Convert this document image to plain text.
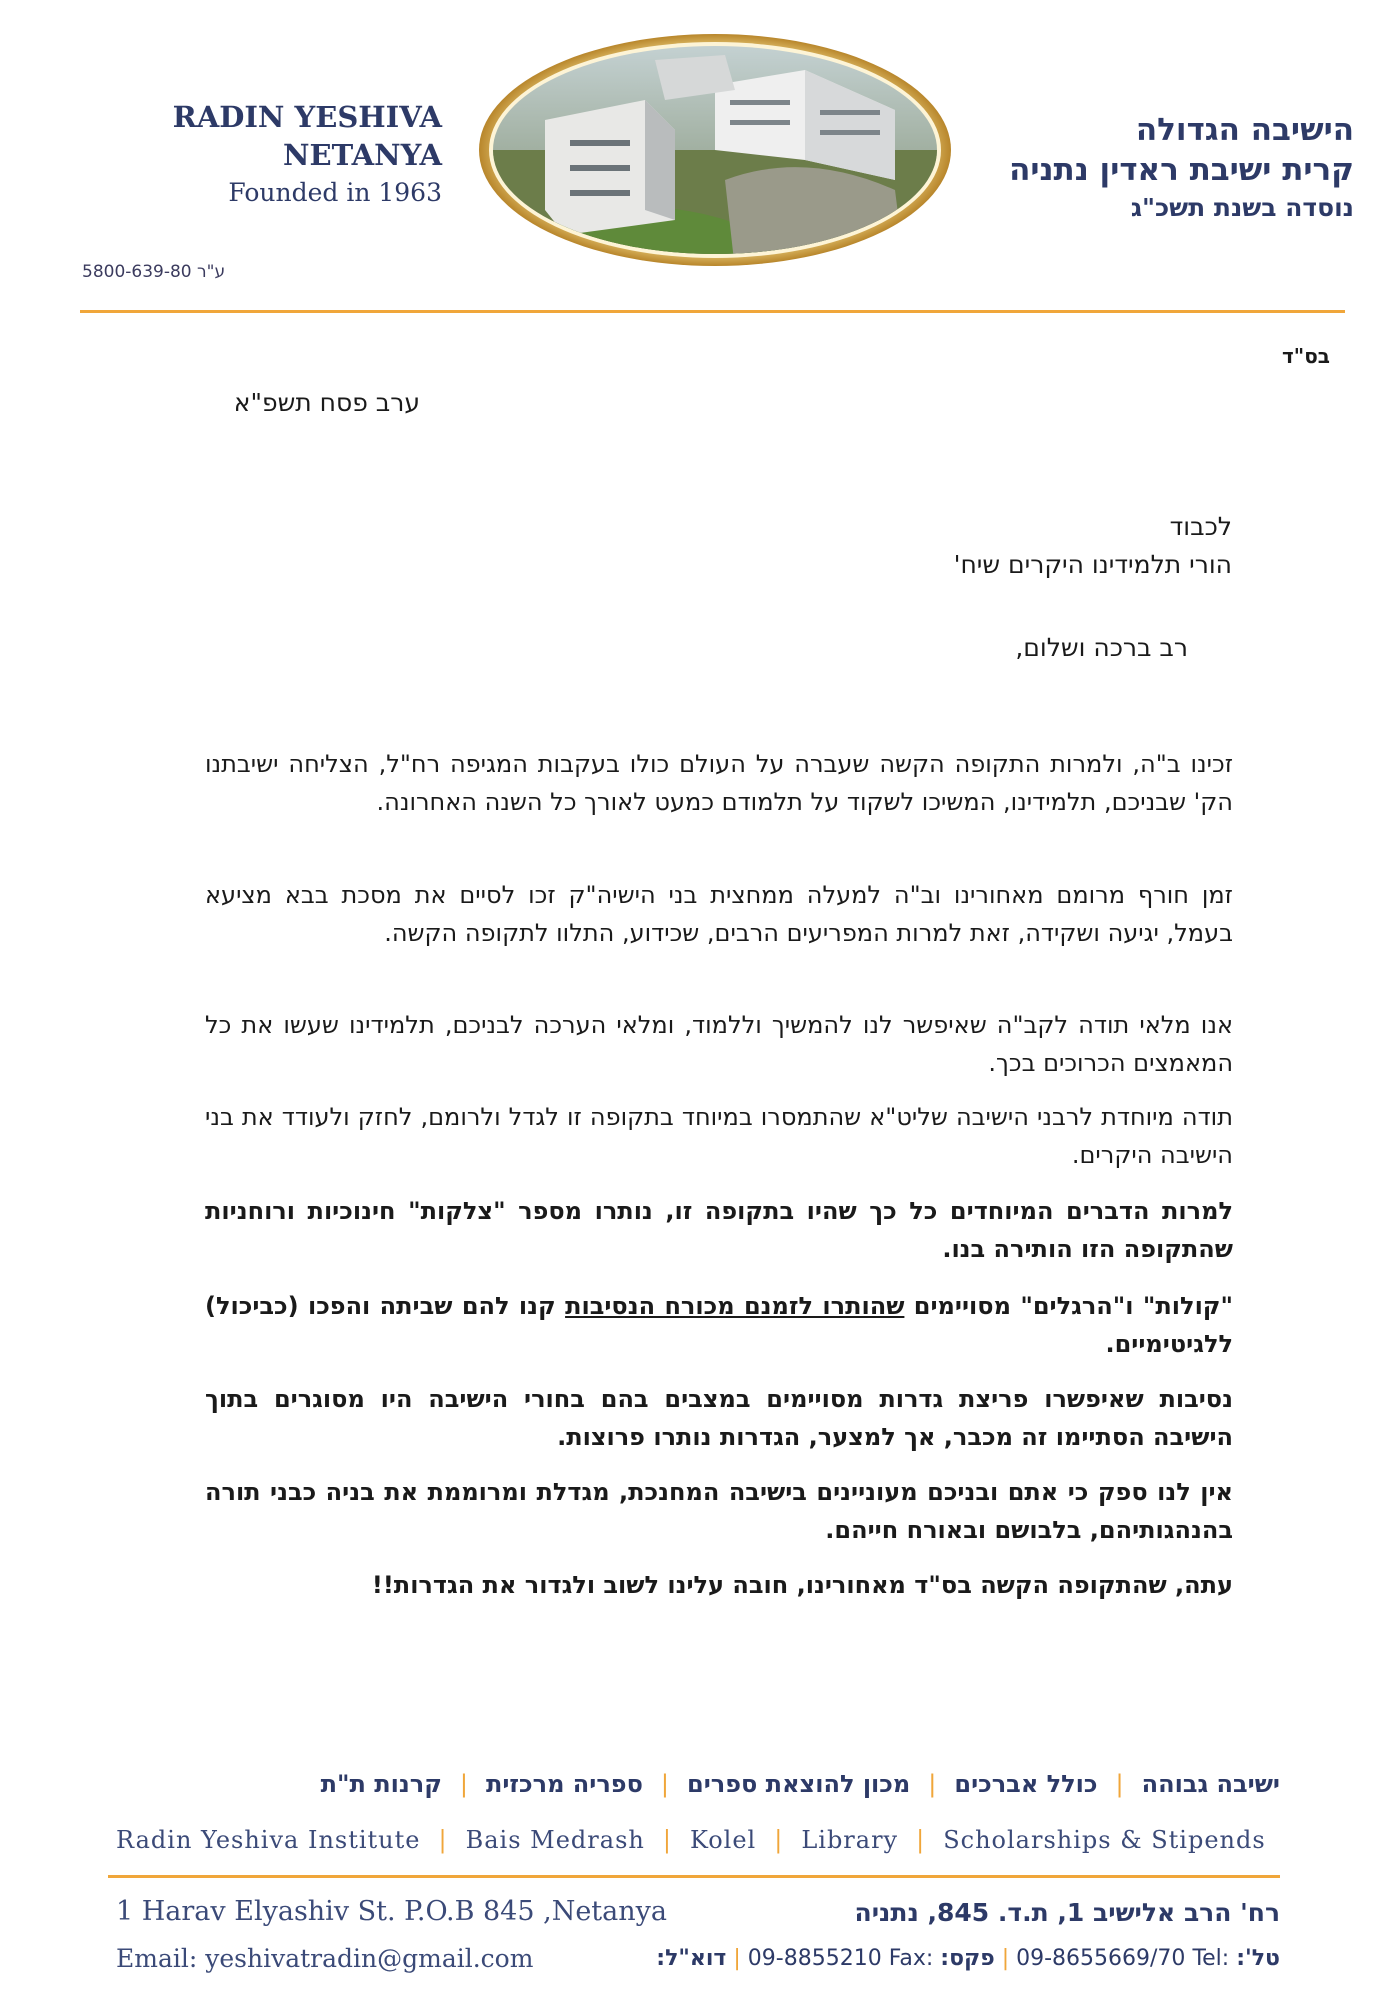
RADIN YESHIVA
NETANYA
Founded in 1963
הישיבה הגדולה
קרית ישיבת ראדין נתניה
נוסדה בשנת תשכ"ג
ע"ר 5800-639-80
בס"ד
ערב פסח תשפ"א
לכבוד
הורי תלמידינו היקרים שיח'
רב ברכה ושלום,
זכינו ב"ה, ולמרות התקופה הקשה שעברה על העולם כולו בעקבות המגיפה רח"ל, הצליחה ישיבתנו הק' שבניכם, תלמידינו, המשיכו לשקוד על תלמודם כמעט לאורך כל השנה האחרונה.
זמן חורף מרומם מאחורינו וב"ה למעלה ממחצית בני הישיה"ק זכו לסיים את מסכת בבא מציעא בעמל, יגיעה ושקידה, זאת למרות המפריעים הרבים, שכידוע, התלוו לתקופה הקשה.
אנו מלאי תודה לקב"ה שאיפשר לנו להמשיך וללמוד, ומלאי הערכה לבניכם, תלמידינו שעשו את כל המאמצים הכרוכים בכך.
תודה מיוחדת לרבני הישיבה שליט"א שהתמסרו במיוחד בתקופה זו לגדל ולרומם, לחזק ולעודד את בני הישיבה היקרים.
למרות הדברים המיוחדים כל כך שהיו בתקופה זו, נותרו מספר "צלקות" חינוכיות ורוחניות שהתקופה הזו הותירה בנו.
"קולות" ו"הרגלים" מסויימים שהותרו לזמנם מכורח הנסיבות קנו להם שביתה והפכו (כביכול) ללגיטימיים.
נסיבות שאיפשרו פריצת גדרות מסויימים במצבים בהם בחורי הישיבה היו מסוגרים בתוך הישיבה הסתיימו זה מכבר, אך למצער, הגדרות נותרו פרוצות.
אין לנו ספק כי אתם ובניכם מעוניינים בישיבה המחנכת, מגדלת ומרוממת את בניה כבני תורה בהנהגותיהם, בלבושם ובאורח חייהם.
עתה, שהתקופה הקשה בס"ד מאחורינו, חובה עלינו לשוב ולגדור את הגדרות!!
ישיבה גבוהה
|
כולל אברכים
|
מכון להוצאת ספרים
|
ספריה מרכזית
|
קרנות ת"ת
Radin Yeshiva Institute | Bais Medrash | Kolel | Library | Scholarships & Stipends
1 Harav Elyashiv St. P.O.B 845 ,Netanya	רח' הרב אלישיב 1, ת.ד. 845, נתניה
Email: yeshivatradin@gmail.com	טל': 09-8655669/70 Tel: | פקס: 09-8855210 Fax: | דוא"ל:
